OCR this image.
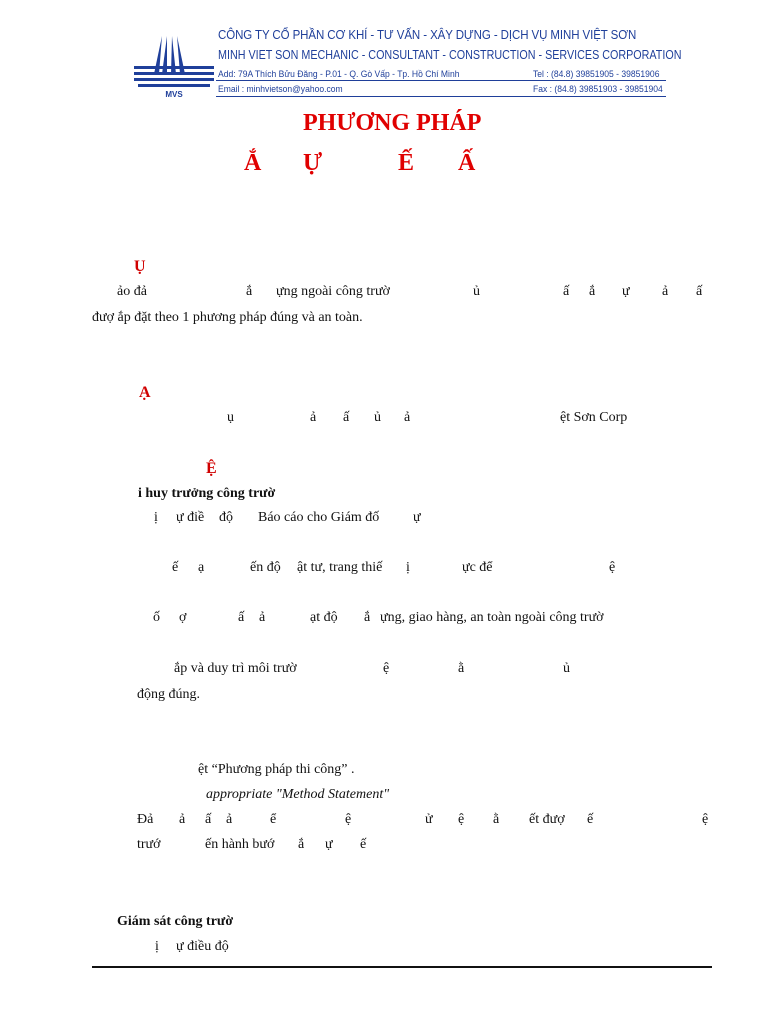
MVS
CÔNG TY CỔ PHẦN CƠ KHÍ - TƯ VẤN - XÂY DỰNG - DỊCH VỤ MINH VIỆT SƠN
MINH VIET SON MECHANIC - CONSULTANT - CONSTRUCTION - SERVICES CORPORATION
Add: 79A Thích Bửu Đăng - P.01 - Q. Gò Vấp - Tp. Hồ Chí Minh	Tel : (84.8) 39851905 - 39851906
Email : minhvietson@yahoo.com	Fax : (84.8) 39851903 - 39851904
PHƯƠNG PHÁP
Ắ Ự	Ế Ấ
Ụ
ảo đả	ắ ựng ngoài công trườ	ủ	ấ ắ ự ả ấ
đượ ắp đặt theo 1 phương pháp đúng và an toàn.
Ạ
ụ	ả ấ ủ ả	ệt Sơn Corp
Ệ
i huy trưởng công trườ
ị ự điề độ Báo cáo cho Giám đố ự
ế ạ	ến độ ật tư, trang thiế ị	ực để	ệ
ố ợ	ấ ả	ạt độ ắ ựng, giao hàng, an toàn ngoài công trườ
ắp và duy trì môi trườ	ệ	ằ	ủ
động đúng.
ệt “Phương pháp thi công” .
appropriate "Method Statement"
Đả ả ấ ả	ể	ệ	ử ệ ằ ết đượ ế	ệ
trướ	ến hành bướ ắ ự ế
Giám sát công trườ
ị ự điều độ
